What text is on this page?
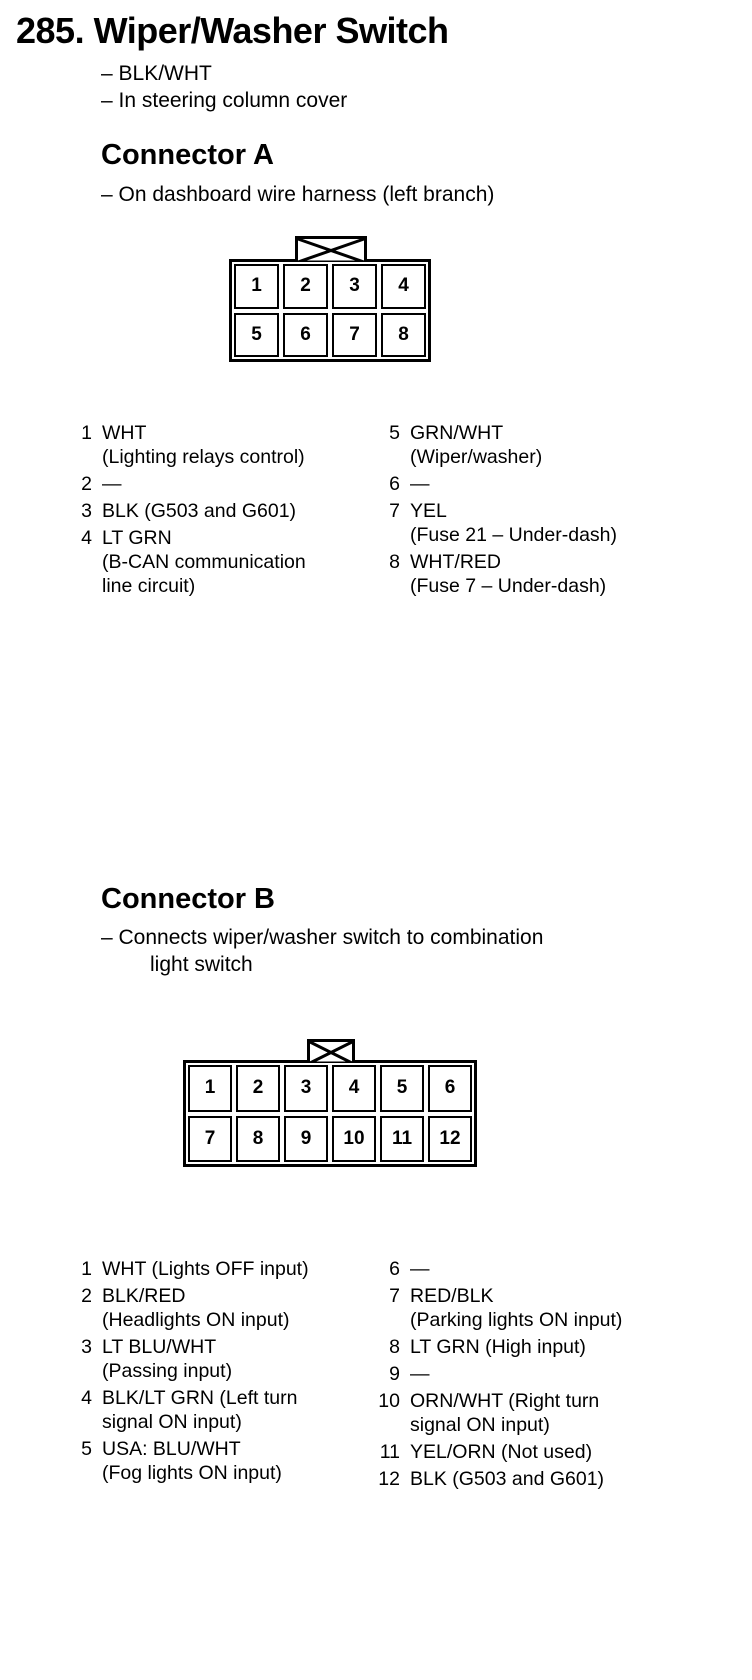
285. Wiper/Washer Switch
– BLK/WHT
– In steering column cover
Connector A
– On dashboard wire harness (left branch)
1	2	3	4
5	6	7	8
1 WHT
(Lighting relays control)
2 —
3 BLK (G503 and G601)
4 LT GRN
(B-CAN communication
line circuit)
5 GRN/WHT
(Wiper/washer)
6 —
7 YEL
(Fuse 21 – Under-dash)
8 WHT/RED
(Fuse 7 – Under-dash)
Connector B
– Connects wiper/washer switch to combination
light switch
1	2	3	4	5	6
7	8	9	10	11	12
1 WHT (Lights OFF input)
2 BLK/RED
(Headlights ON input)
3 LT BLU/WHT
(Passing input)
4 BLK/LT GRN (Left turn
signal ON input)
5 USA: BLU/WHT
(Fog lights ON input)
6 —
7 RED/BLK
(Parking lights ON input)
8 LT GRN (High input)
9 —
10 ORN/WHT (Right turn
signal ON input)
11 YEL/ORN (Not used)
12 BLK (G503 and G601)
